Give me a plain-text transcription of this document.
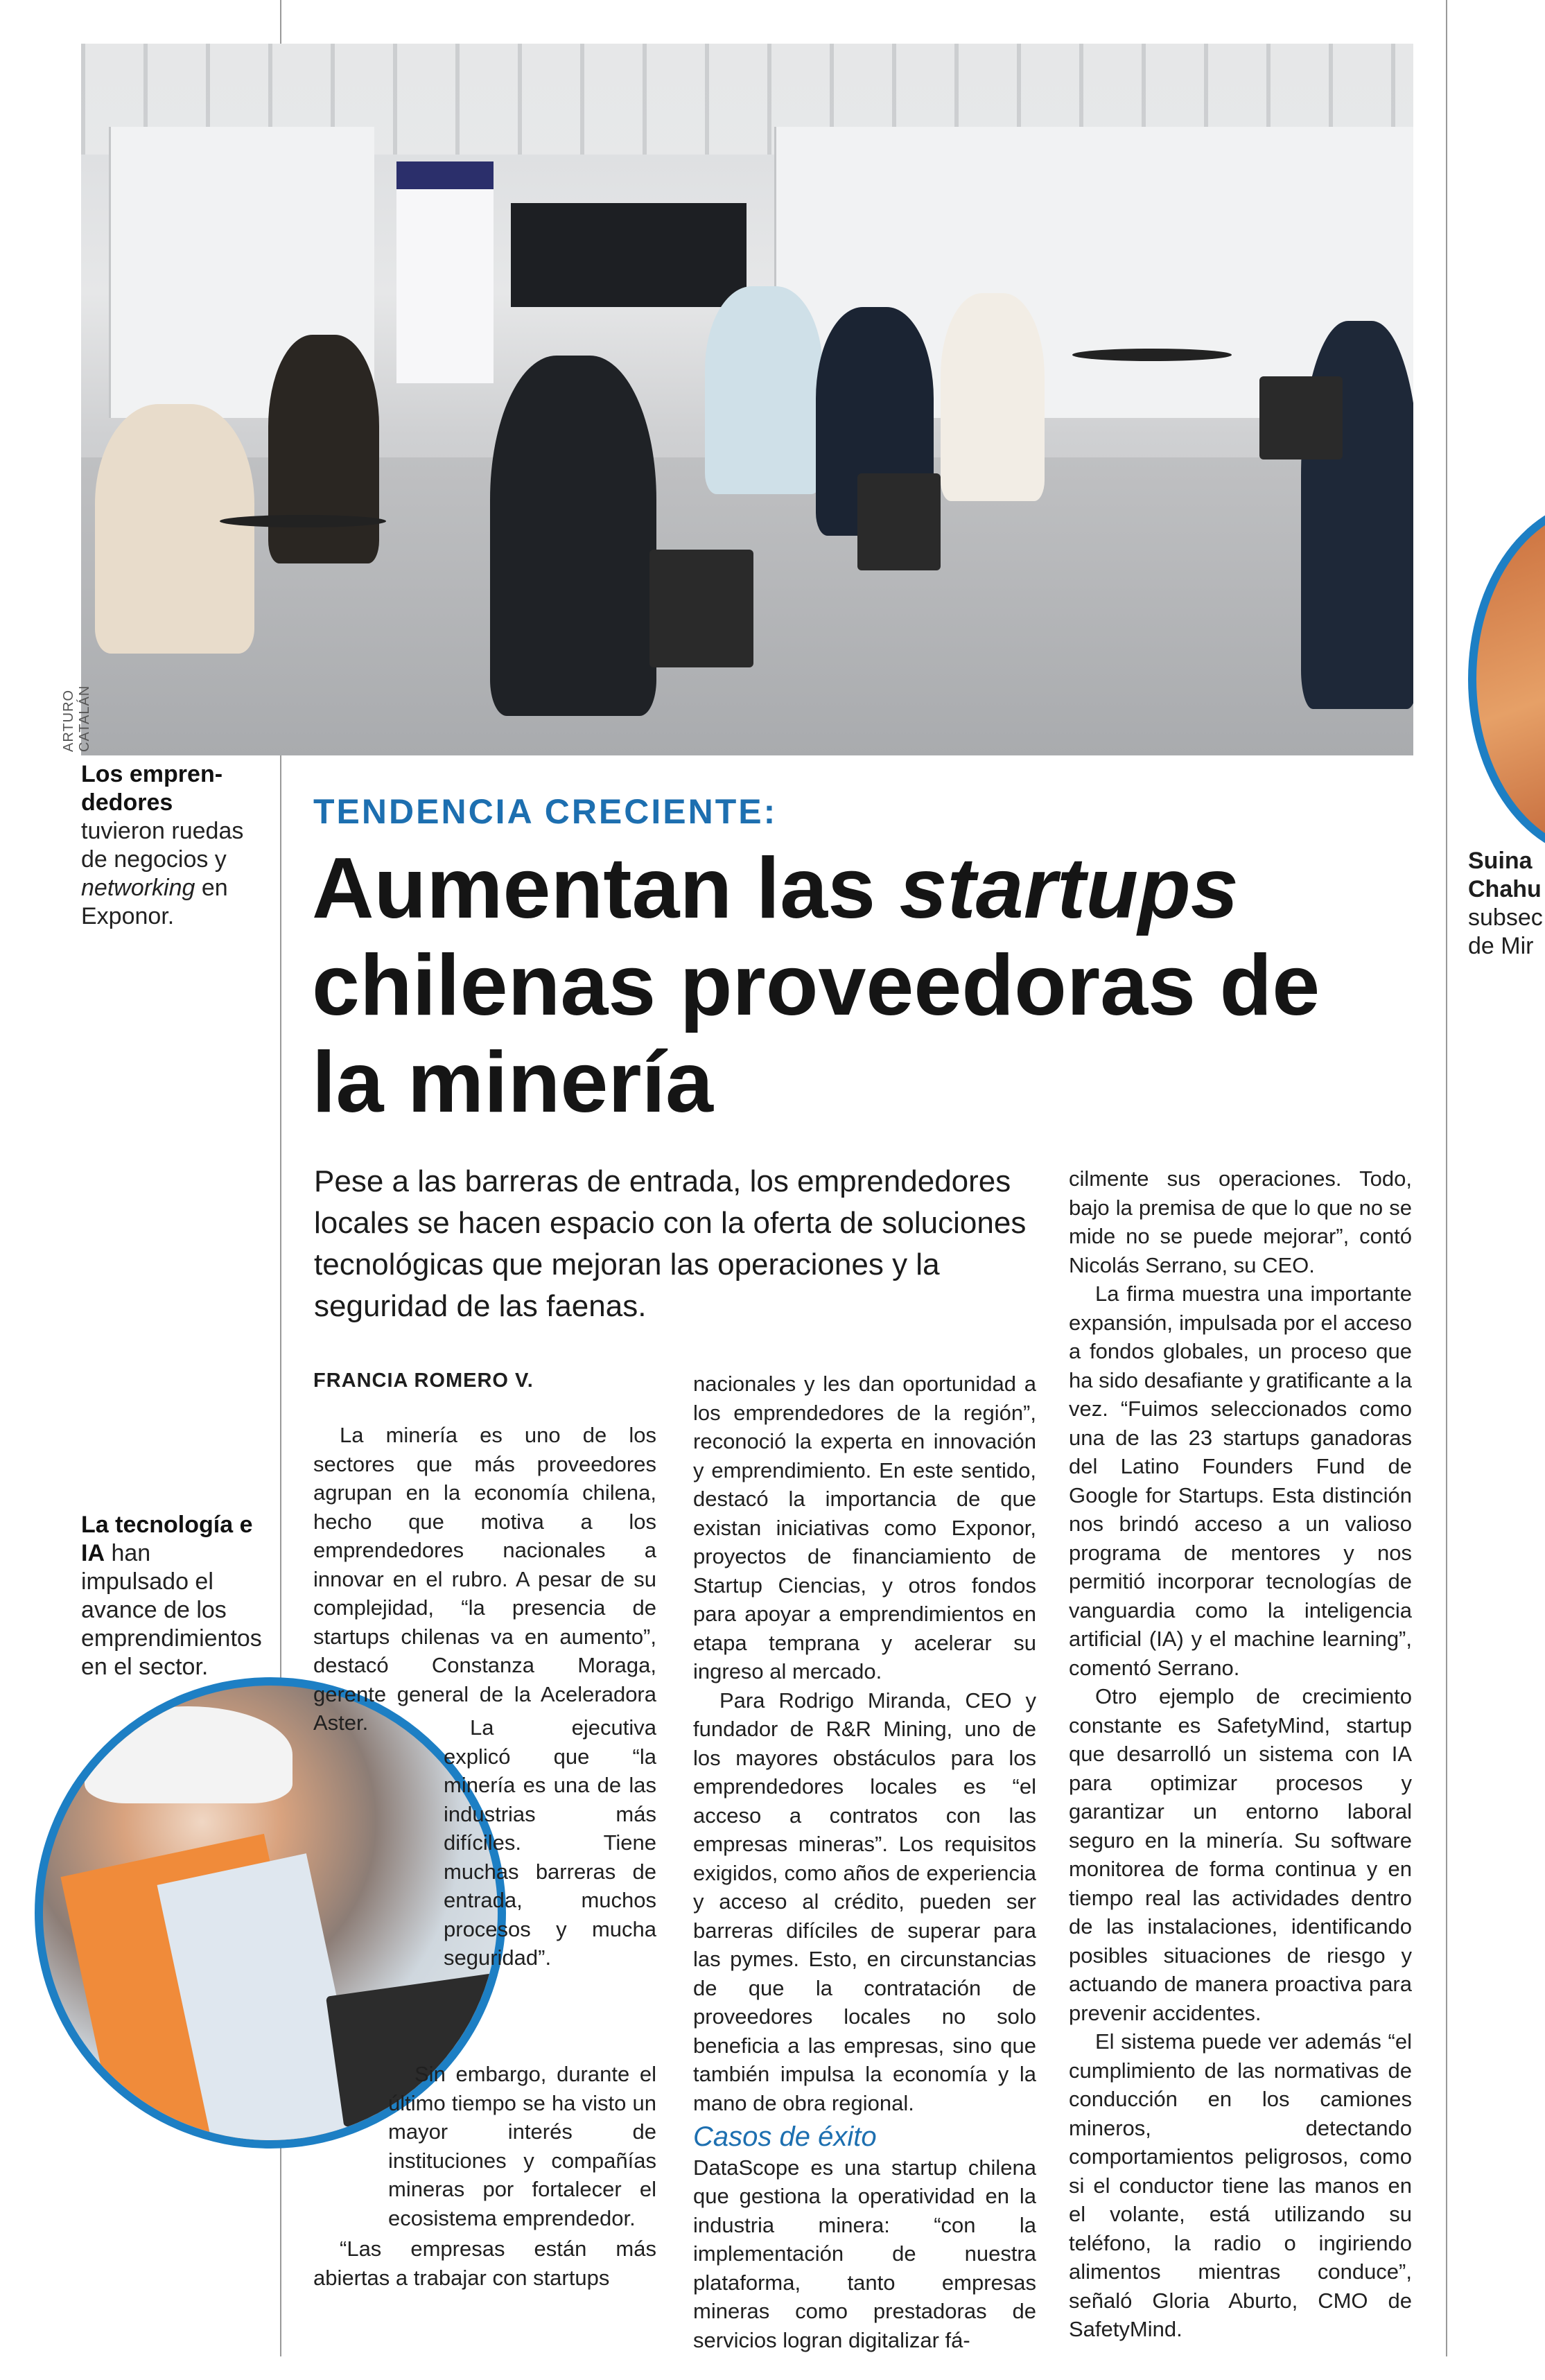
ARTURO CATALÁN
Los empren-dedores tuvieron ruedas de negocios y networking en Exponor.
La tecnología e IA han impulsado el avance de los emprendimientos en el sector.
Suina
Chahu
subsec
de Mir
TENDENCIA CRECIENTE:
Aumentan las startups
chilenas proveedoras de la minería
Pese a las barreras de entrada, los emprendedores locales se hacen espacio con la oferta de soluciones tecnológicas que mejoran las operaciones y la seguridad de las faenas.
FRANCIA ROMERO V.

La minería es uno de los sectores que más proveedores agrupan en la economía chilena, hecho que motiva a los emprendedores nacionales a innovar en el rubro. A pesar de su complejidad, “la presencia de startups chilenas va en aumento”, destacó Constanza Moraga, gerente general de la Aceleradora Aster.	La ejecutiva explicó que “la minería es una de las industrias más difíciles. Tiene muchas barreras de entrada, muchos procesos y mucha seguridad”.

Sin embargo, durante el último tiempo se ha visto un mayor interés de instituciones y compañías mineras por fortalecer el ecosistema emprendedor.

“Las empresas están más abiertas a trabajar con startups

nacionales y les dan oportunidad a los emprendedores de la región”, reconoció la experta en innovación y emprendimiento. En este sentido, destacó la importancia de que existan iniciativas como Exponor, proyectos de financiamiento de Startup Ciencias, y otros fondos para apoyar a emprendimientos en etapa temprana y acelerar su ingreso al mercado.

Para Rodrigo Miranda, CEO y fundador de R&R Mining, uno de los mayores obstáculos para los emprendedores locales es “el acceso a contratos con las empresas mineras”. Los requisitos exigidos, como años de experiencia y acceso al crédito, pueden ser barreras difíciles de superar para las pymes. Esto, en circunstancias de que la contratación de proveedores locales no solo beneficia a las empresas, sino que también impulsa la economía y la mano de obra regional.

Casos de éxito

DataScope es una startup chilena que gestiona la operatividad en la industria minera: “con la implementación de nuestra plataforma, tanto empresas mineras como prestadoras de servicios logran digitalizar fá-

cilmente sus operaciones. Todo, bajo la premisa de que lo que no se mide no se puede mejorar”, contó Nicolás Serrano, su CEO.

La firma muestra una importante expansión, impulsada por el acceso a fondos globales, un proceso que ha sido desafiante y gratificante a la vez. “Fuimos seleccionados como una de las 23 startups ganadoras del Latino Founders Fund de Google for Startups. Esta distinción nos brindó acceso a un valioso programa de mentores y nos permitió incorporar tecnologías de vanguardia como la inteligencia artificial (IA) y el machine learning”, comentó Serrano.

Otro ejemplo de crecimiento constante es SafetyMind, startup que desarrolló un sistema con IA para optimizar procesos y garantizar un entorno laboral seguro en la minería. Su software monitorea de forma continua y en tiempo real las actividades dentro de las instalaciones, identificando posibles situaciones de riesgo y actuando de manera proactiva para prevenir accidentes.

El sistema puede ver además “el cumplimiento de las normativas de conducción en los camiones mineros, detectando comportamientos peligrosos, como si el conductor tiene las manos en el volante, está utilizando su teléfono, la radio o ingiriendo alimentos mientras conduce”, señaló Gloria Aburto, CMO de SafetyMind.
